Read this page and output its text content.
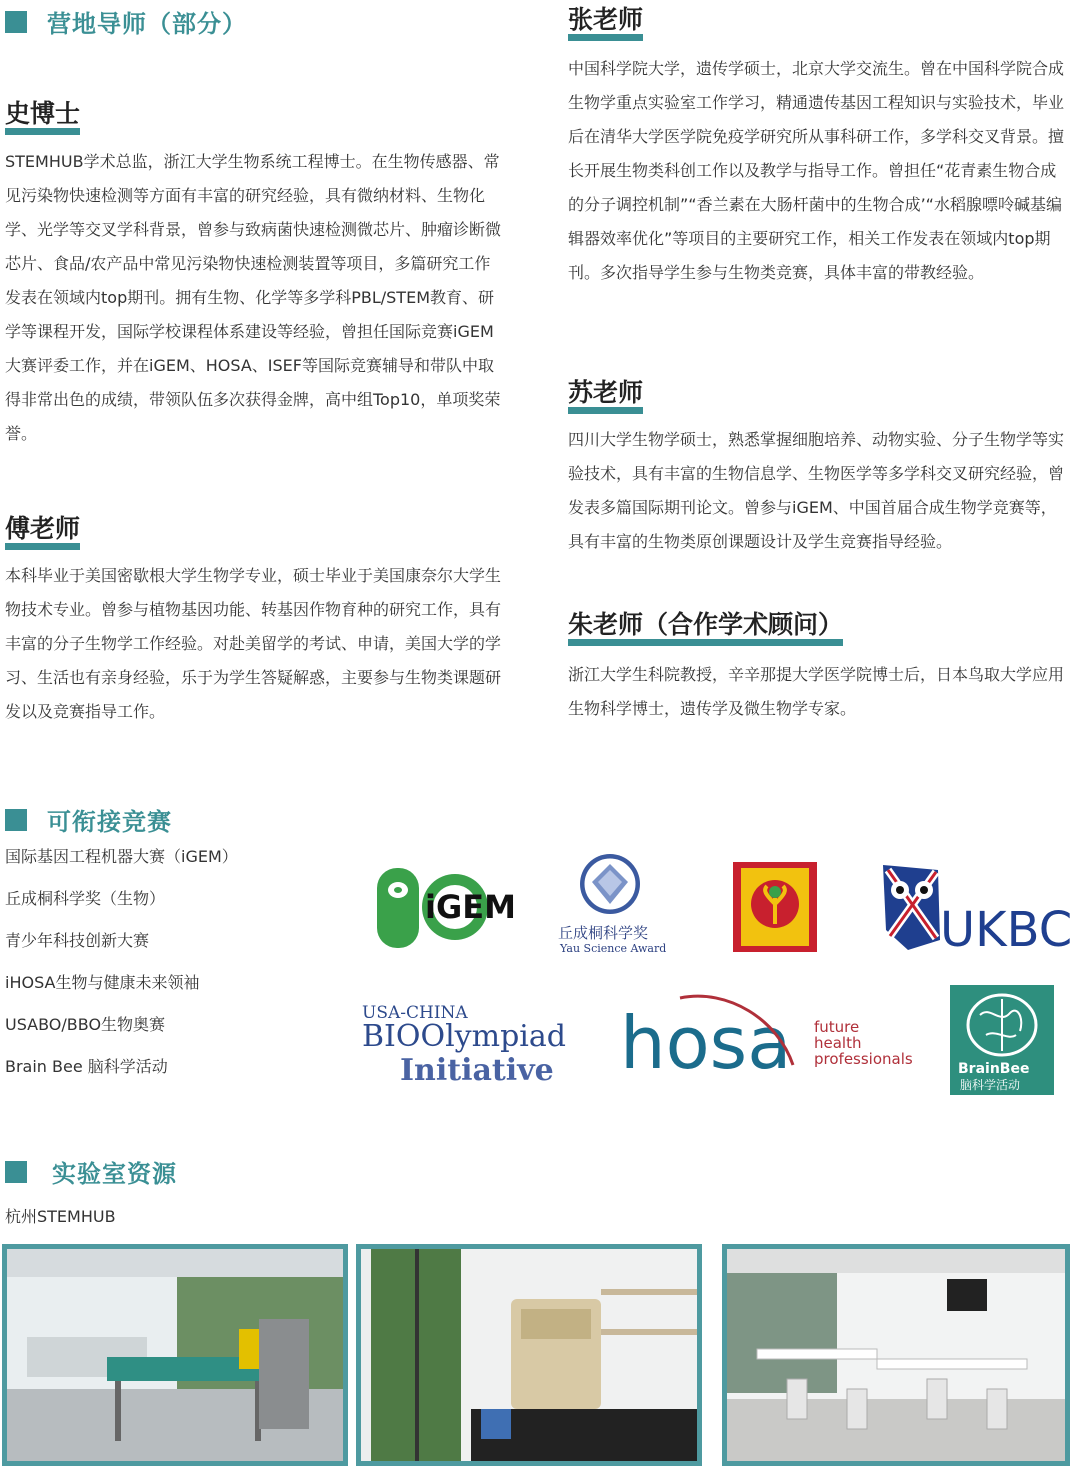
营地导师（部分）
史博士
STEMHUB学术总监，浙江大学生物系统工程博士。在生物传感器、常见污染物快速检测等方面有丰富的研究经验，具有微纳材料、生物化学、光学等交叉学科背景，曾参与致病菌快速检测微芯片、肿瘤诊断微芯片、食品/农产品中常见污染物快速检测装置等项目，多篇研究工作发表在领域内top期刊。拥有生物、化学等多学科PBL/STEM教育、研学等课程开发，国际学校课程体系建设等经验，曾担任国际竞赛iGEM大赛评委工作，并在iGEM、HOSA、ISEF等国际竞赛辅导和带队中取得非常出色的成绩，带领队伍多次获得金牌，高中组Top10，单项奖荣誉。
傅老师
本科毕业于美国密歇根大学生物学专业，硕士毕业于美国康奈尔大学生物技术专业。曾参与植物基因功能、转基因作物育种的研究工作，具有丰富的分子生物学工作经验。对赴美留学的考试、申请，美国大学的学习、生活也有亲身经验，乐于为学生答疑解惑，主要参与生物类课题研发以及竞赛指导工作。
张老师
中国科学院大学，遗传学硕士，北京大学交流生。曾在中国科学院合成生物学重点实验室工作学习，精通遗传基因工程知识与实验技术，毕业后在清华大学医学院免疫学研究所从事科研工作，多学科交叉背景。擅长开展生物类科创工作以及教学与指导工作。曾担任“花青素生物合成的分子调控机制”“香兰素在大肠杆菌中的生物合成’“水稻腺嘌呤碱基编辑器效率优化”等项目的主要研究工作，相关工作发表在领域内top期刊。多次指导学生参与生物类竞赛，具体丰富的带教经验。
苏老师
四川大学生物学硕士，熟悉掌握细胞培养、动物实验、分子生物学等实验技术，具有丰富的生物信息学、生物医学等多学科交叉研究经验，曾发表多篇国际期刊论文。曾参与iGEM、中国首届合成生物学竞赛等，具有丰富的生物类原创课题设计及学生竞赛指导经验。
朱老师（合作学术顾问）
浙江大学生科院教授，辛辛那提大学医学院博士后，日本鸟取大学应用生物科学博士，遗传学及微生物学专家。
可衔接竞赛
国际基因工程机器大赛（iGEM）
丘成桐科学奖（生物）
青少年科技创新大赛
iHOSA生物与健康未来领袖
USABO/BBO生物奥赛
Brain Bee 脑科学活动
iGEM
丘成桐科学奖
Yau Science Award	UKBC
USA-CHINA
BIOOlympiad
Initiative hosa future
health
professionals
BrainBee
脑科学活动
实验室资源
杭州STEMHUB
